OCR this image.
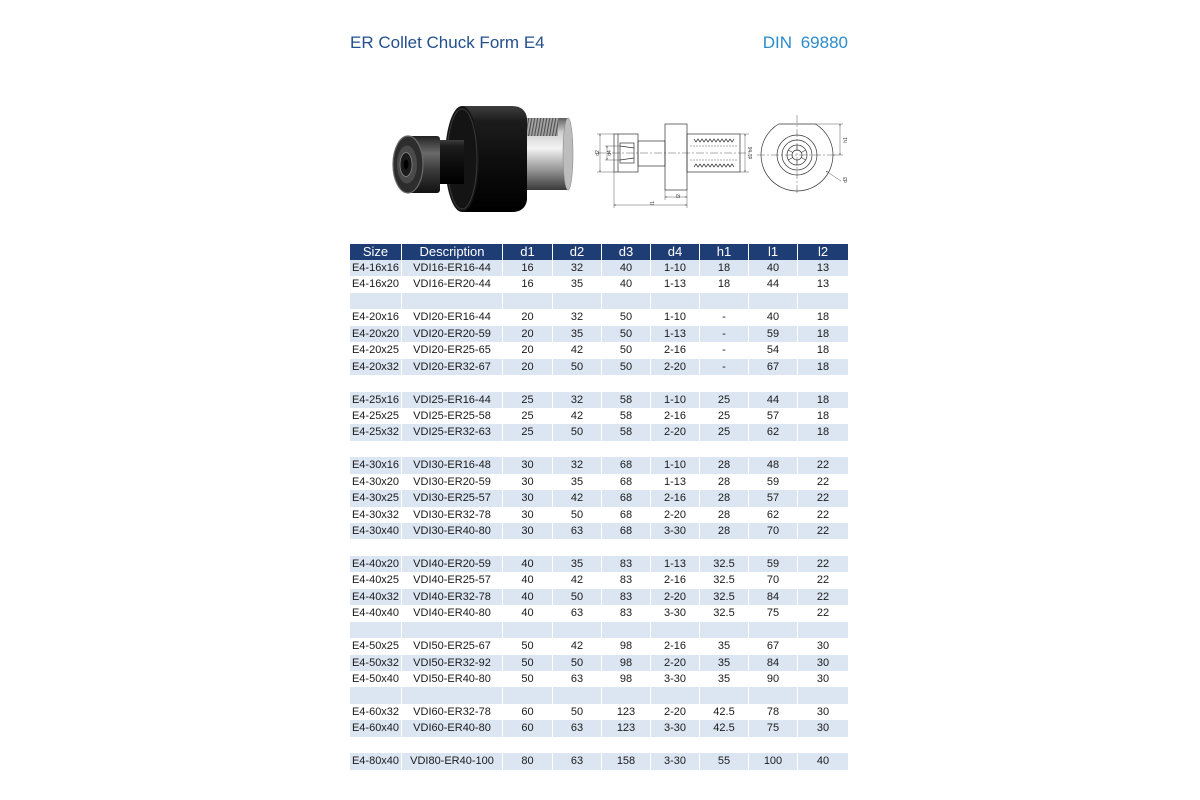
ER Collet Chuck Form E4	DIN 69880
d2 d4
l2
l1
d1 h6
h1
d3
Size	Description	d1	d2	d3	d4	h1	l1	l2
E4-16x16	VDI16-ER16-44	16	32	40	1-10	18	40	13
E4-16x20	VDI16-ER20-44	16	35	40	1-13	18	44	13
E4-20x16	VDI20-ER16-44	20	32	50	1-10	-	40	18
E4-20x20	VDI20-ER20-59	20	35	50	1-13	-	59	18
E4-20x25	VDI20-ER25-65	20	42	50	2-16	-	54	18
E4-20x32	VDI20-ER32-67	20	50	50	2-20	-	67	18
E4-25x16	VDI25-ER16-44	25	32	58	1-10	25	44	18
E4-25x25	VDI25-ER25-58	25	42	58	2-16	25	57	18
E4-25x32	VDI25-ER32-63	25	50	58	2-20	25	62	18
E4-30x16	VDI30-ER16-48	30	32	68	1-10	28	48	22
E4-30x20	VDI30-ER20-59	30	35	68	1-13	28	59	22
E4-30x25	VDI30-ER25-57	30	42	68	2-16	28	57	22
E4-30x32	VDI30-ER32-78	30	50	68	2-20	28	62	22
E4-30x40	VDI30-ER40-80	30	63	68	3-30	28	70	22
E4-40x20	VDI40-ER20-59	40	35	83	1-13	32.5	59	22
E4-40x25	VDI40-ER25-57	40	42	83	2-16	32.5	70	22
E4-40x32	VDI40-ER32-78	40	50	83	2-20	32.5	84	22
E4-40x40	VDI40-ER40-80	40	63	83	3-30	32.5	75	22
E4-50x25	VDI50-ER25-67	50	42	98	2-16	35	67	30
E4-50x32	VDI50-ER32-92	50	50	98	2-20	35	84	30
E4-50x40	VDI50-ER40-80	50	63	98	3-30	35	90	30
E4-60x32	VDI60-ER32-78	60	50	123	2-20	42.5	78	30
E4-60x40	VDI60-ER40-80	60	63	123	3-30	42.5	75	30
E4-80x40	VDI80-ER40-100	80	63	158	3-30	55	100	40
